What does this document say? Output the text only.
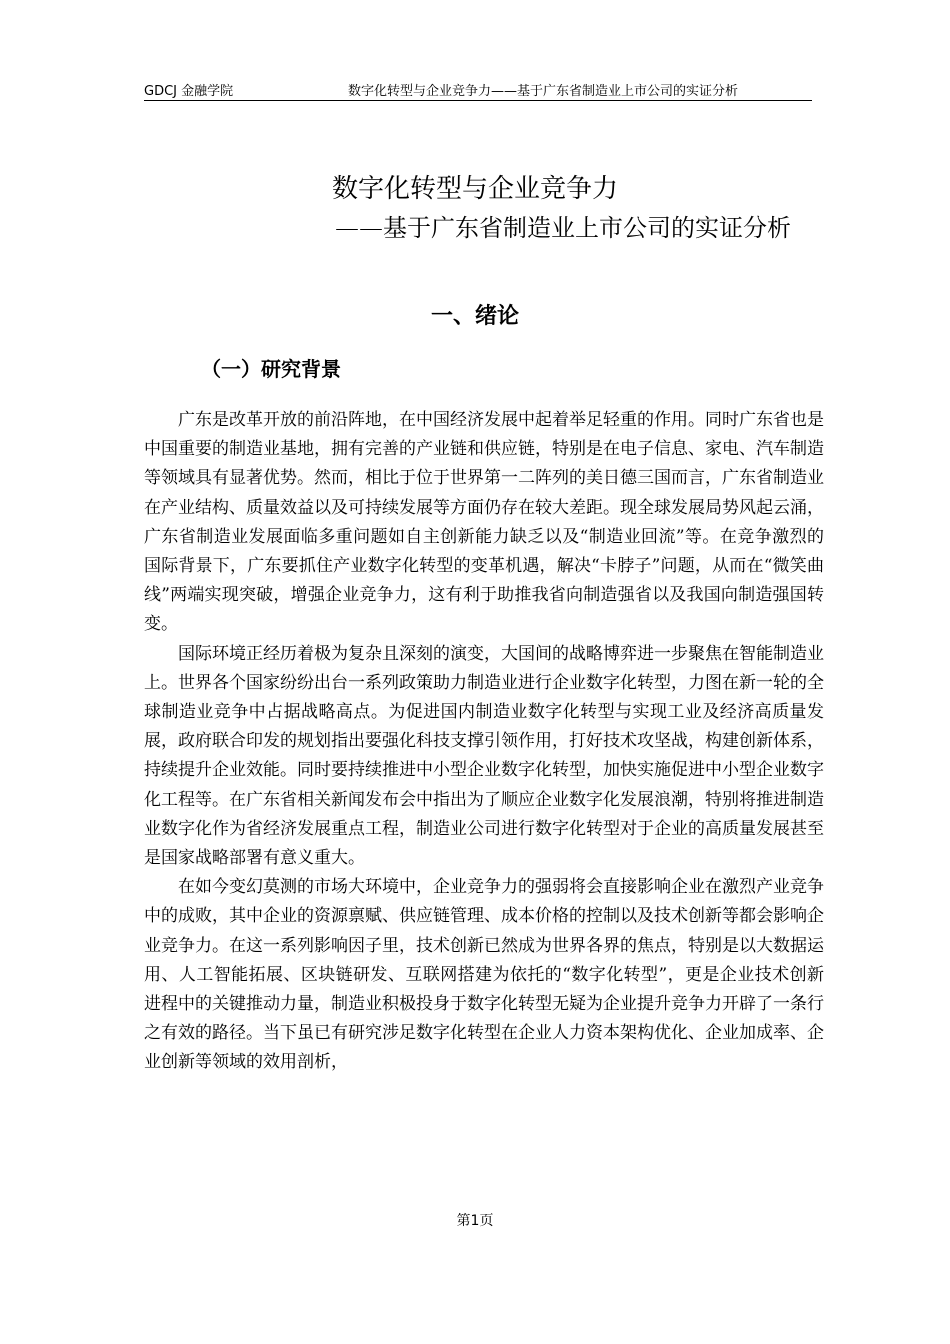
GDCJ 金融学院	数字化转型与企业竞争力——基于广东省制造业上市公司的实证分析
数字化转型与企业竞争力
——基于广东省制造业上市公司的实证分析
一、绪论
（一）研究背景

广东是改革开放的前沿阵地，在中国经济发展中起着举足轻重的作用。同时广东省也是中国重要的制造业基地，拥有完善的产业链和供应链，特别是在电子信息、家电、汽车制造等领域具有显著优势。然而，相比于位于世界第一二阵列的美日德三国而言，广东省制造业在产业结构、质量效益以及可持续发展等方面仍存在较大差距。现全球发展局势风起云涌，广东省制造业发展面临多重问题如自主创新能力缺乏以及“制造业回流”等。在竞争激烈的国际背景下，广东要抓住产业数字化转型的变革机遇，解决“卡脖子”问题，从而在“微笑曲线”两端实现突破，增强企业竞争力，这有利于助推我省向制造强省以及我国向制造强国转变。

国际环境正经历着极为复杂且深刻的演变，大国间的战略博弈进一步聚焦在智能制造业上。世界各个国家纷纷出台一系列政策助力制造业进行企业数字化转型，力图在新一轮的全球制造业竞争中占据战略高点。为促进国内制造业数字化转型与实现工业及经济高质量发展，政府联合印发的规划指出要强化科技支撑引领作用，打好技术攻坚战，构建创新体系，持续提升企业效能。同时要持续推进中小型企业数字化转型，加快实施促进中小型企业数字化工程等。在广东省相关新闻发布会中指出为了顺应企业数字化发展浪潮，特别将推进制造业数字化作为省经济发展重点工程，制造业公司进行数字化转型对于企业的高质量发展甚至是国家战略部署有意义重大。

在如今变幻莫测的市场大环境中，企业竞争力的强弱将会直接影响企业在激烈产业竞争中的成败，其中企业的资源禀赋、供应链管理、成本价格的控制以及技术创新等都会影响企业竞争力。在这一系列影响因子里，技术创新已然成为世界各界的焦点，特别是以大数据运用、人工智能拓展、区块链研发、互联网搭建为依托的“数字化转型”，更是企业技术创新进程中的关键推动力量，制造业积极投身于数字化转型无疑为企业提升竞争力开辟了一条行之有效的路径。当下虽已有研究涉足数字化转型在企业人力资本架构优化、企业加成率、企业创新等领域的效用剖析，

第1页
